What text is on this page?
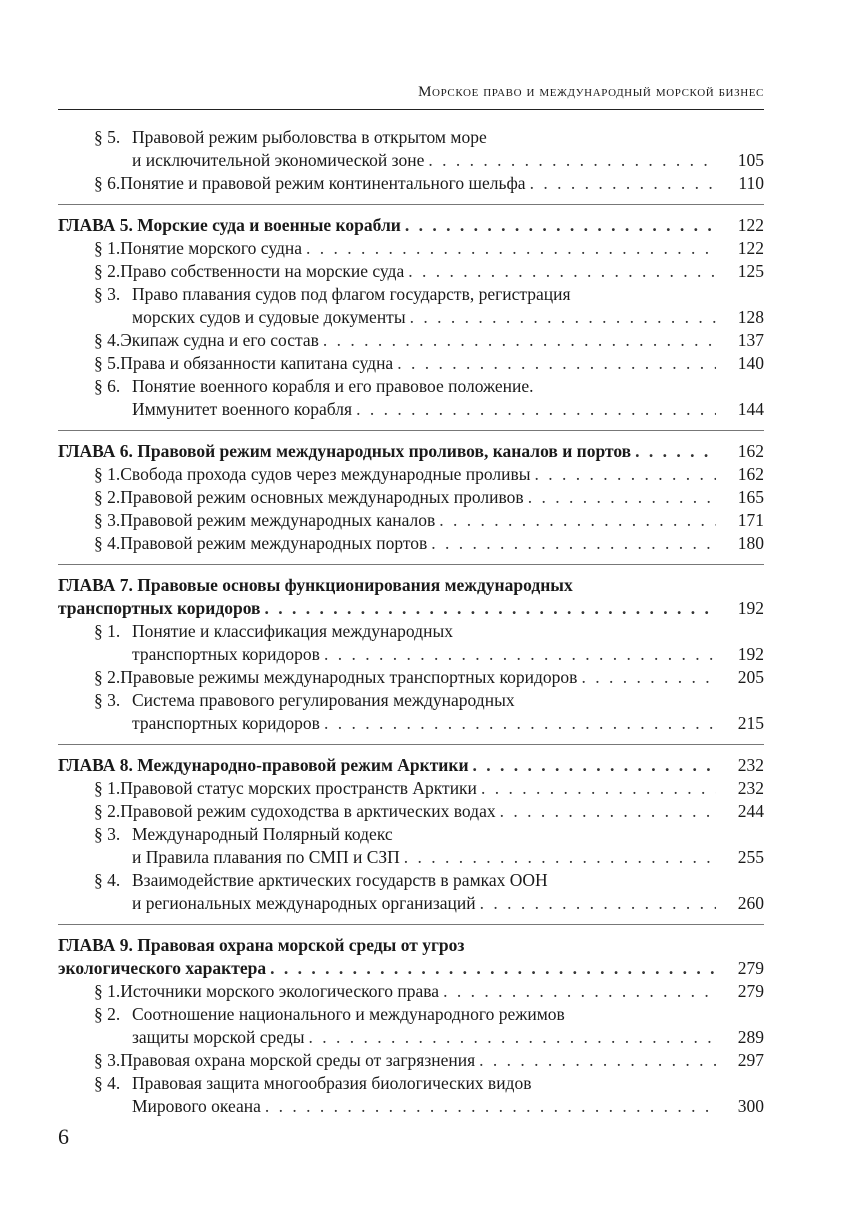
Морское право и международный морской бизнес
§ 5. Правовой режим рыболовства в открытом море
и исключительной экономической зоне . . .	105
§ 6. Понятие и правовой режим континентального шельфа . . .	110
ГЛАВА 5. Морские суда и военные корабли . . .	122
§ 1. Понятие морского судна . . .	122
§ 2. Право собственности на морские суда . . .	125
§ 3. Право плавания судов под флагом государств, регистрация
морских судов и судовые документы . . .	128
§ 4. Экипаж судна и его состав . . .	137
§ 5. Права и обязанности капитана судна . . .	140
§ 6. Понятие военного корабля и его правовое положение.
Иммунитет военного корабля . . .	144
ГЛАВА 6. Правовой режим международных проливов, каналов и портов . . .	162
§ 1. Свобода прохода судов через международные проливы . . .	162
§ 2. Правовой режим основных международных проливов . . .	165
§ 3. Правовой режим международных каналов . . .	171
§ 4. Правовой режим международных портов . . .	180
ГЛАВА 7. Правовые основы функционирования международных
транспортных коридоров . . .	192
§ 1. Понятие и классификация международных
транспортных коридоров . . .	192
§ 2. Правовые режимы международных транспортных коридоров . . .	205
§ 3. Система правового регулирования международных
транспортных коридоров . . .	215
ГЛАВА 8. Международно-правовой режим Арктики . . .	232
§ 1. Правовой статус морских пространств Арктики . . .	232
§ 2. Правовой режим судоходства в арктических водах . . .	244
§ 3. Международный Полярный кодекс
и Правила плавания по СМП и СЗП . . .	255
§ 4. Взаимодействие арктических государств в рамках ООН
и региональных международных организаций . . .	260
ГЛАВА 9. Правовая охрана морской среды от угроз
экологического характера . . .	279
§ 1. Источники морского экологического права . . .	279
§ 2. Соотношение национального и международного режимов
защиты морской среды . . .	289
§ 3. Правовая охрана морской среды от загрязнения . . .	297
§ 4. Правовая защита многообразия биологических видов
Мирового океана . . .	300
6
